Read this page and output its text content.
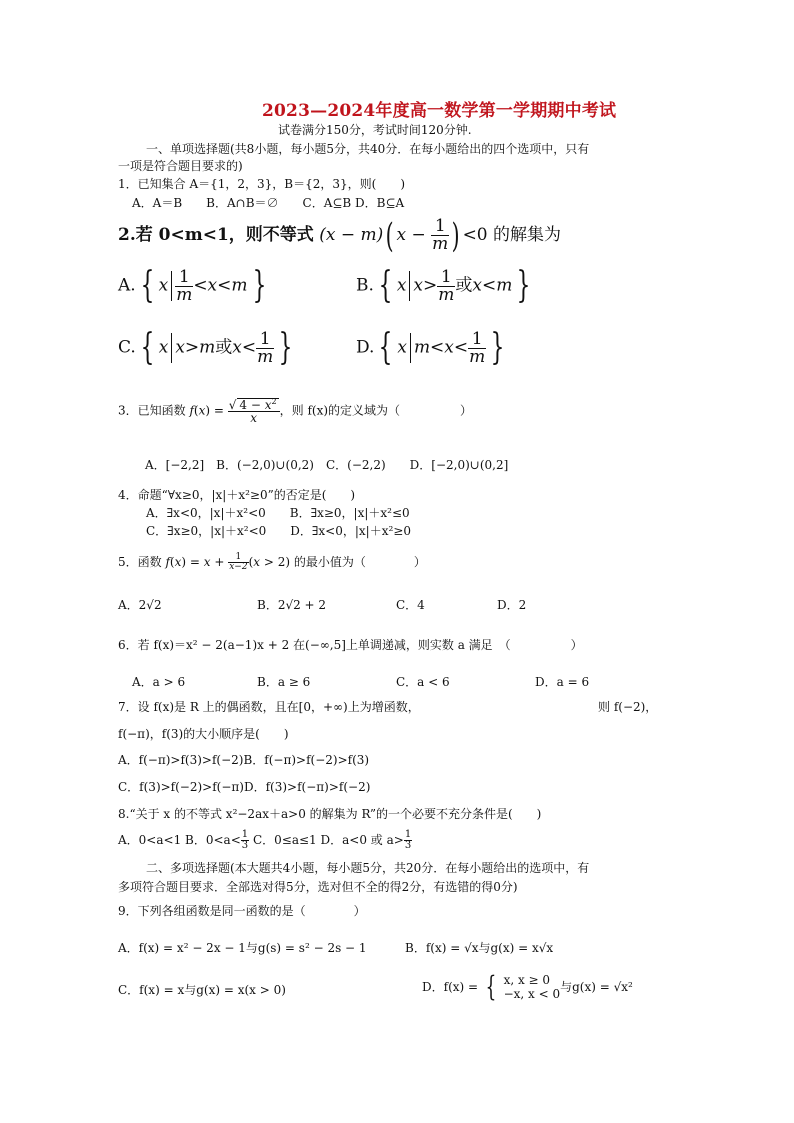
2023—2024年度高一数学第一学期期中考试
试卷满分150分，考试时间120分钟.
一、单项选择题(共8小题，每小题5分，共40分．在每小题给出的四个选项中，只有
一项是符合题目要求的)
1．已知集合 A＝{1，2，3}，B＝{2，3}，则(　　)
A．A＝B　　B．A∩B＝∅　　C．A⊆B D．B⊆A
2.若 0<m<1，则不等式 (x − m)( $x - \frac{1}{m}$ ) <0 的解集为
A. { x $\frac{1}{m} <x<m$ }	B. { x $x> \frac{1}{m}$ 或x<m }
C. { x x>m或$x< \frac{1}{m}$ }	D. { x $m<x< \frac{1}{m}$ }
3．已知函数 $f(x) = \frac{√ 4 - x^2}{x}$ ，则 f(x)的定义域为（　　　　　）
A．[−2,2]　B．(−2,0)∪(0,2)　C．(−2,2)　　D．[−2,0)∪(0,2]
4．命题“∀x≥0，|x|＋x²≥0”的否定是(　　)
A．∃x<0，|x|＋x²<0　　B．∃x≥0，|x|＋x²≤0
C．∃x≥0，|x|＋x²<0　　D．∃x<0，|x|＋x²≥0
5．函数 $f(x) = x + \frac{1}{x-2} (x > 2)$ 的最小值为（　　　　）
A．2√2	B．2√2 + 2	C．4	D．2
6．若 f(x)＝x² − 2(a−1)x + 2 在(−∞,5]上单调递减，则实数 a 满足　（　　　　　）
A．a > 6	B．a ≥ 6	C．a < 6	D．a = 6
7．设 f(x)是 R 上的偶函数，且在[0，+∞)上为增函数，	则 f(−2)，
f(−π)，f(3)的大小顺序是(　　)
A．f(−π)>f(3)>f(−2)B．f(−π)>f(−2)>f(3)
C．f(3)>f(−2)>f(−π)D．f(3)>f(−π)>f(−2)
8.“关于 x 的不等式 x²−2ax＋a>0 的解集为 R”的一个必要不充分条件是(　　)
A．0<a<1 B．$0<a< \frac{1}{3}$ C．0≤a≤1 D．a<0 或 $a> \frac{1}{3}$
二、多项选择题(本大题共4小题，每小题5分，共20分．在每小题给出的选项中，有
多项符合题目要求．全部选对得5分，选对但不全的得2分，有选错的得0分)
9．下列各组函数是同一函数的是（　　　　）
A．f(x) = x² − 2x − 1与g(s) = s² − 2s − 1	B．f(x) = √x与g(x) = x√x
C．f(x) = x与g(x) = x(x > 0)	D．f(x) = { x, x ≥ 0
−x, x < 0 与g(x) = √x²
